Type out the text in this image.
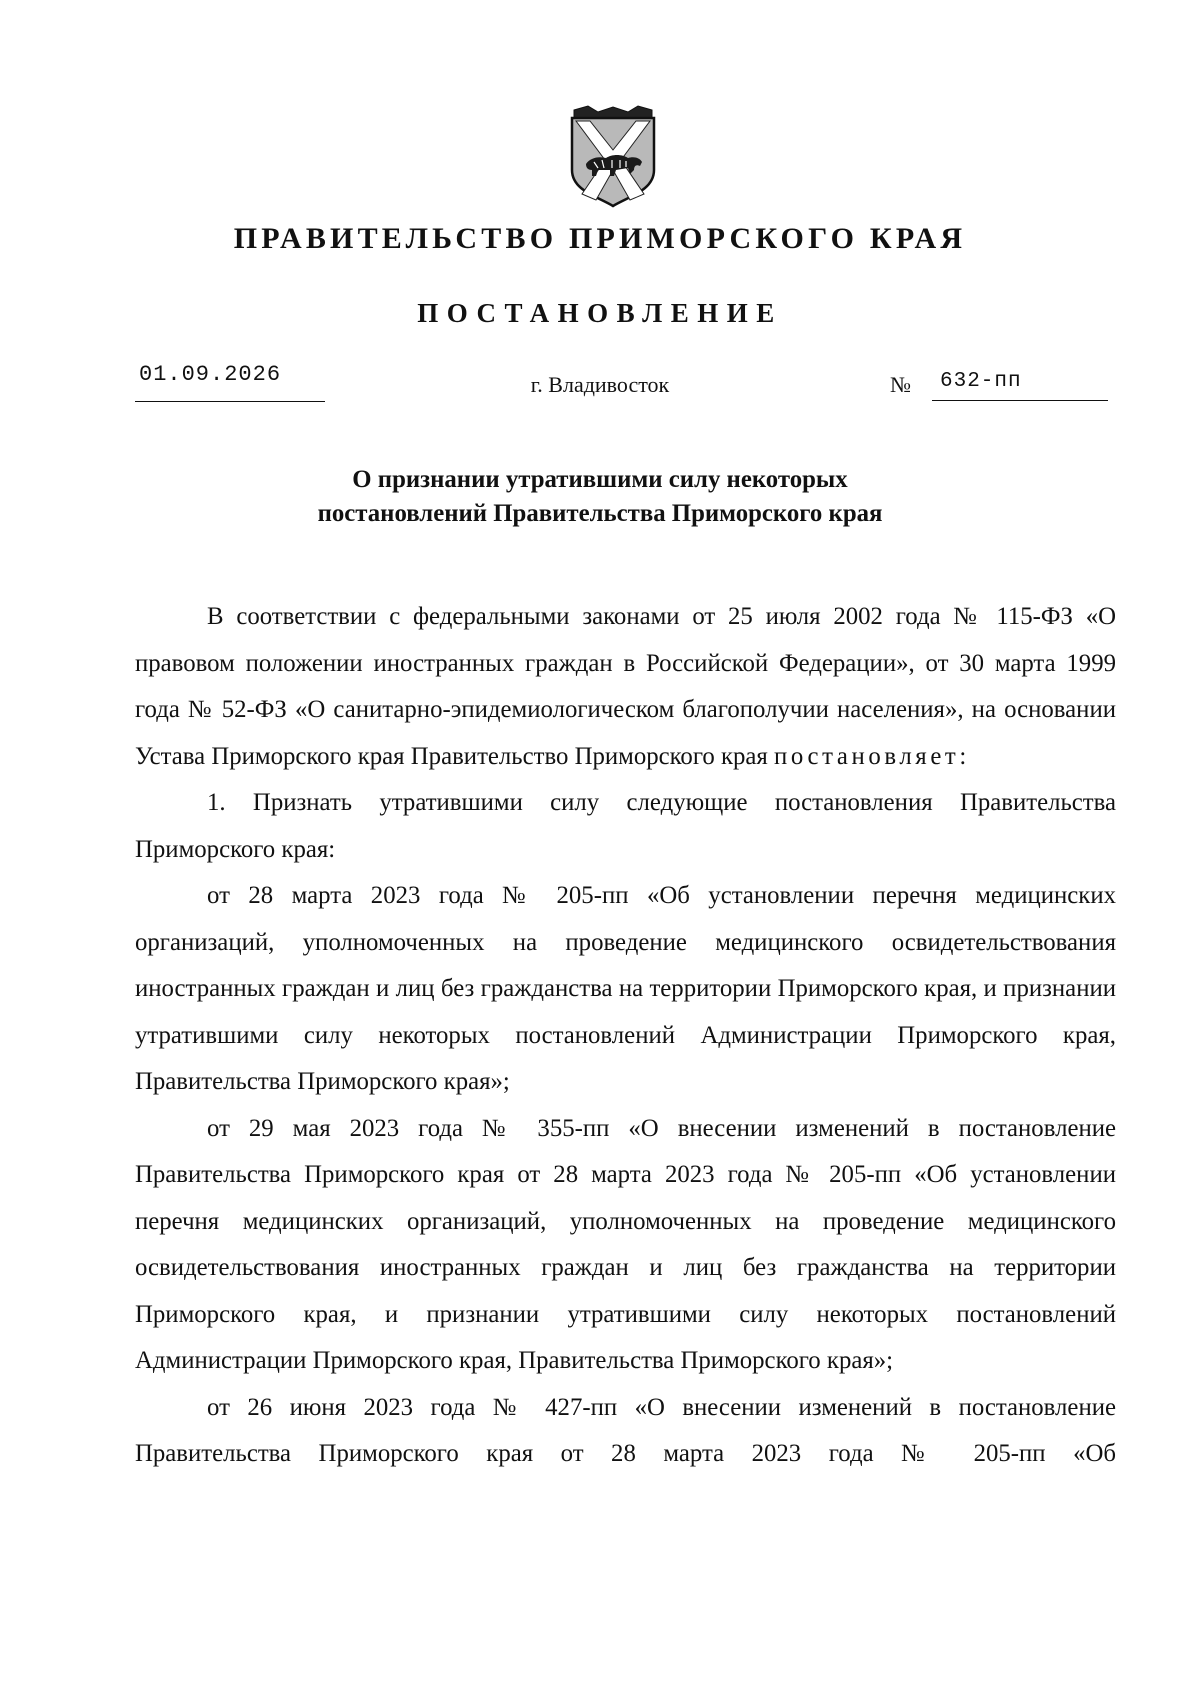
ПРАВИТЕЛЬСТВО ПРИМОРСКОГО КРАЯ
ПОСТАНОВЛЕНИЕ
01.09.2026	г. Владивосток	№	632-пп
О признании утратившими силу некоторых
постановлений Правительства Приморского края

В соответствии с федеральными законами от 25 июля 2002 года № 115-ФЗ «О правовом положении иностранных граждан в Российской Федерации», от 30 марта 1999 года № 52-ФЗ «О санитарно-эпидемиологическом благополучии населения», на основании Устава Приморского края Правительство Приморского края постановляет:

1. Признать утратившими силу следующие постановления Правительства Приморского края:

от 28 марта 2023 года № 205-пп «Об установлении перечня медицинских организаций, уполномоченных на проведение медицинского освидетельствования иностранных граждан и лиц без гражданства на территории Приморского края, и признании утратившими силу некоторых постановлений Администрации Приморского края, Правительства Приморского края»;

от 29 мая 2023 года № 355-пп «О внесении изменений в постановление Правительства Приморского края от 28 марта 2023 года № 205-пп «Об установлении перечня медицинских организаций, уполномоченных на проведение медицинского освидетельствования иностранных граждан и лиц без гражданства на территории Приморского края, и признании утратившими силу некоторых постановлений Администрации Приморского края, Правительства Приморского края»;

от 26 июня 2023 года № 427-пп «О внесении изменений в постановление Правительства Приморского края от 28 марта 2023 года № 205-пп «Об
